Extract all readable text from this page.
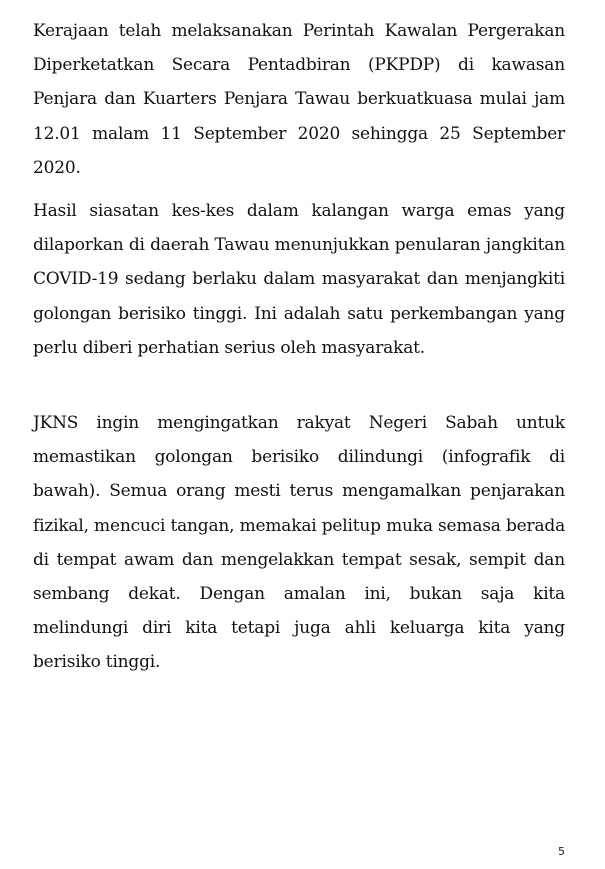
Kerajaan telah melaksanakan Perintah Kawalan Pergerakan Diperketatkan Secara Pentadbiran (PKPDP) di kawasan Penjara dan Kuarters Penjara Tawau berkuatkuasa mulai jam 12.01 malam 11 September 2020 sehingga 25 September 2020.

Hasil siasatan kes-kes dalam kalangan warga emas yang dilaporkan di daerah Tawau menunjukkan penularan jangkitan COVID-19 sedang berlaku dalam masyarakat dan menjangkiti golongan berisiko tinggi. Ini adalah satu perkembangan yang perlu diberi perhatian serius oleh masyarakat.

JKNS ingin mengingatkan rakyat Negeri Sabah untuk memastikan golongan berisiko dilindungi (infografik di bawah). Semua orang mesti terus mengamalkan penjarakan fizikal, mencuci tangan, memakai pelitup muka semasa berada di tempat awam dan mengelakkan tempat sesak, sempit dan sembang dekat. Dengan amalan ini, bukan saja kita melindungi diri kita tetapi juga ahli keluarga kita yang berisiko tinggi.

5
